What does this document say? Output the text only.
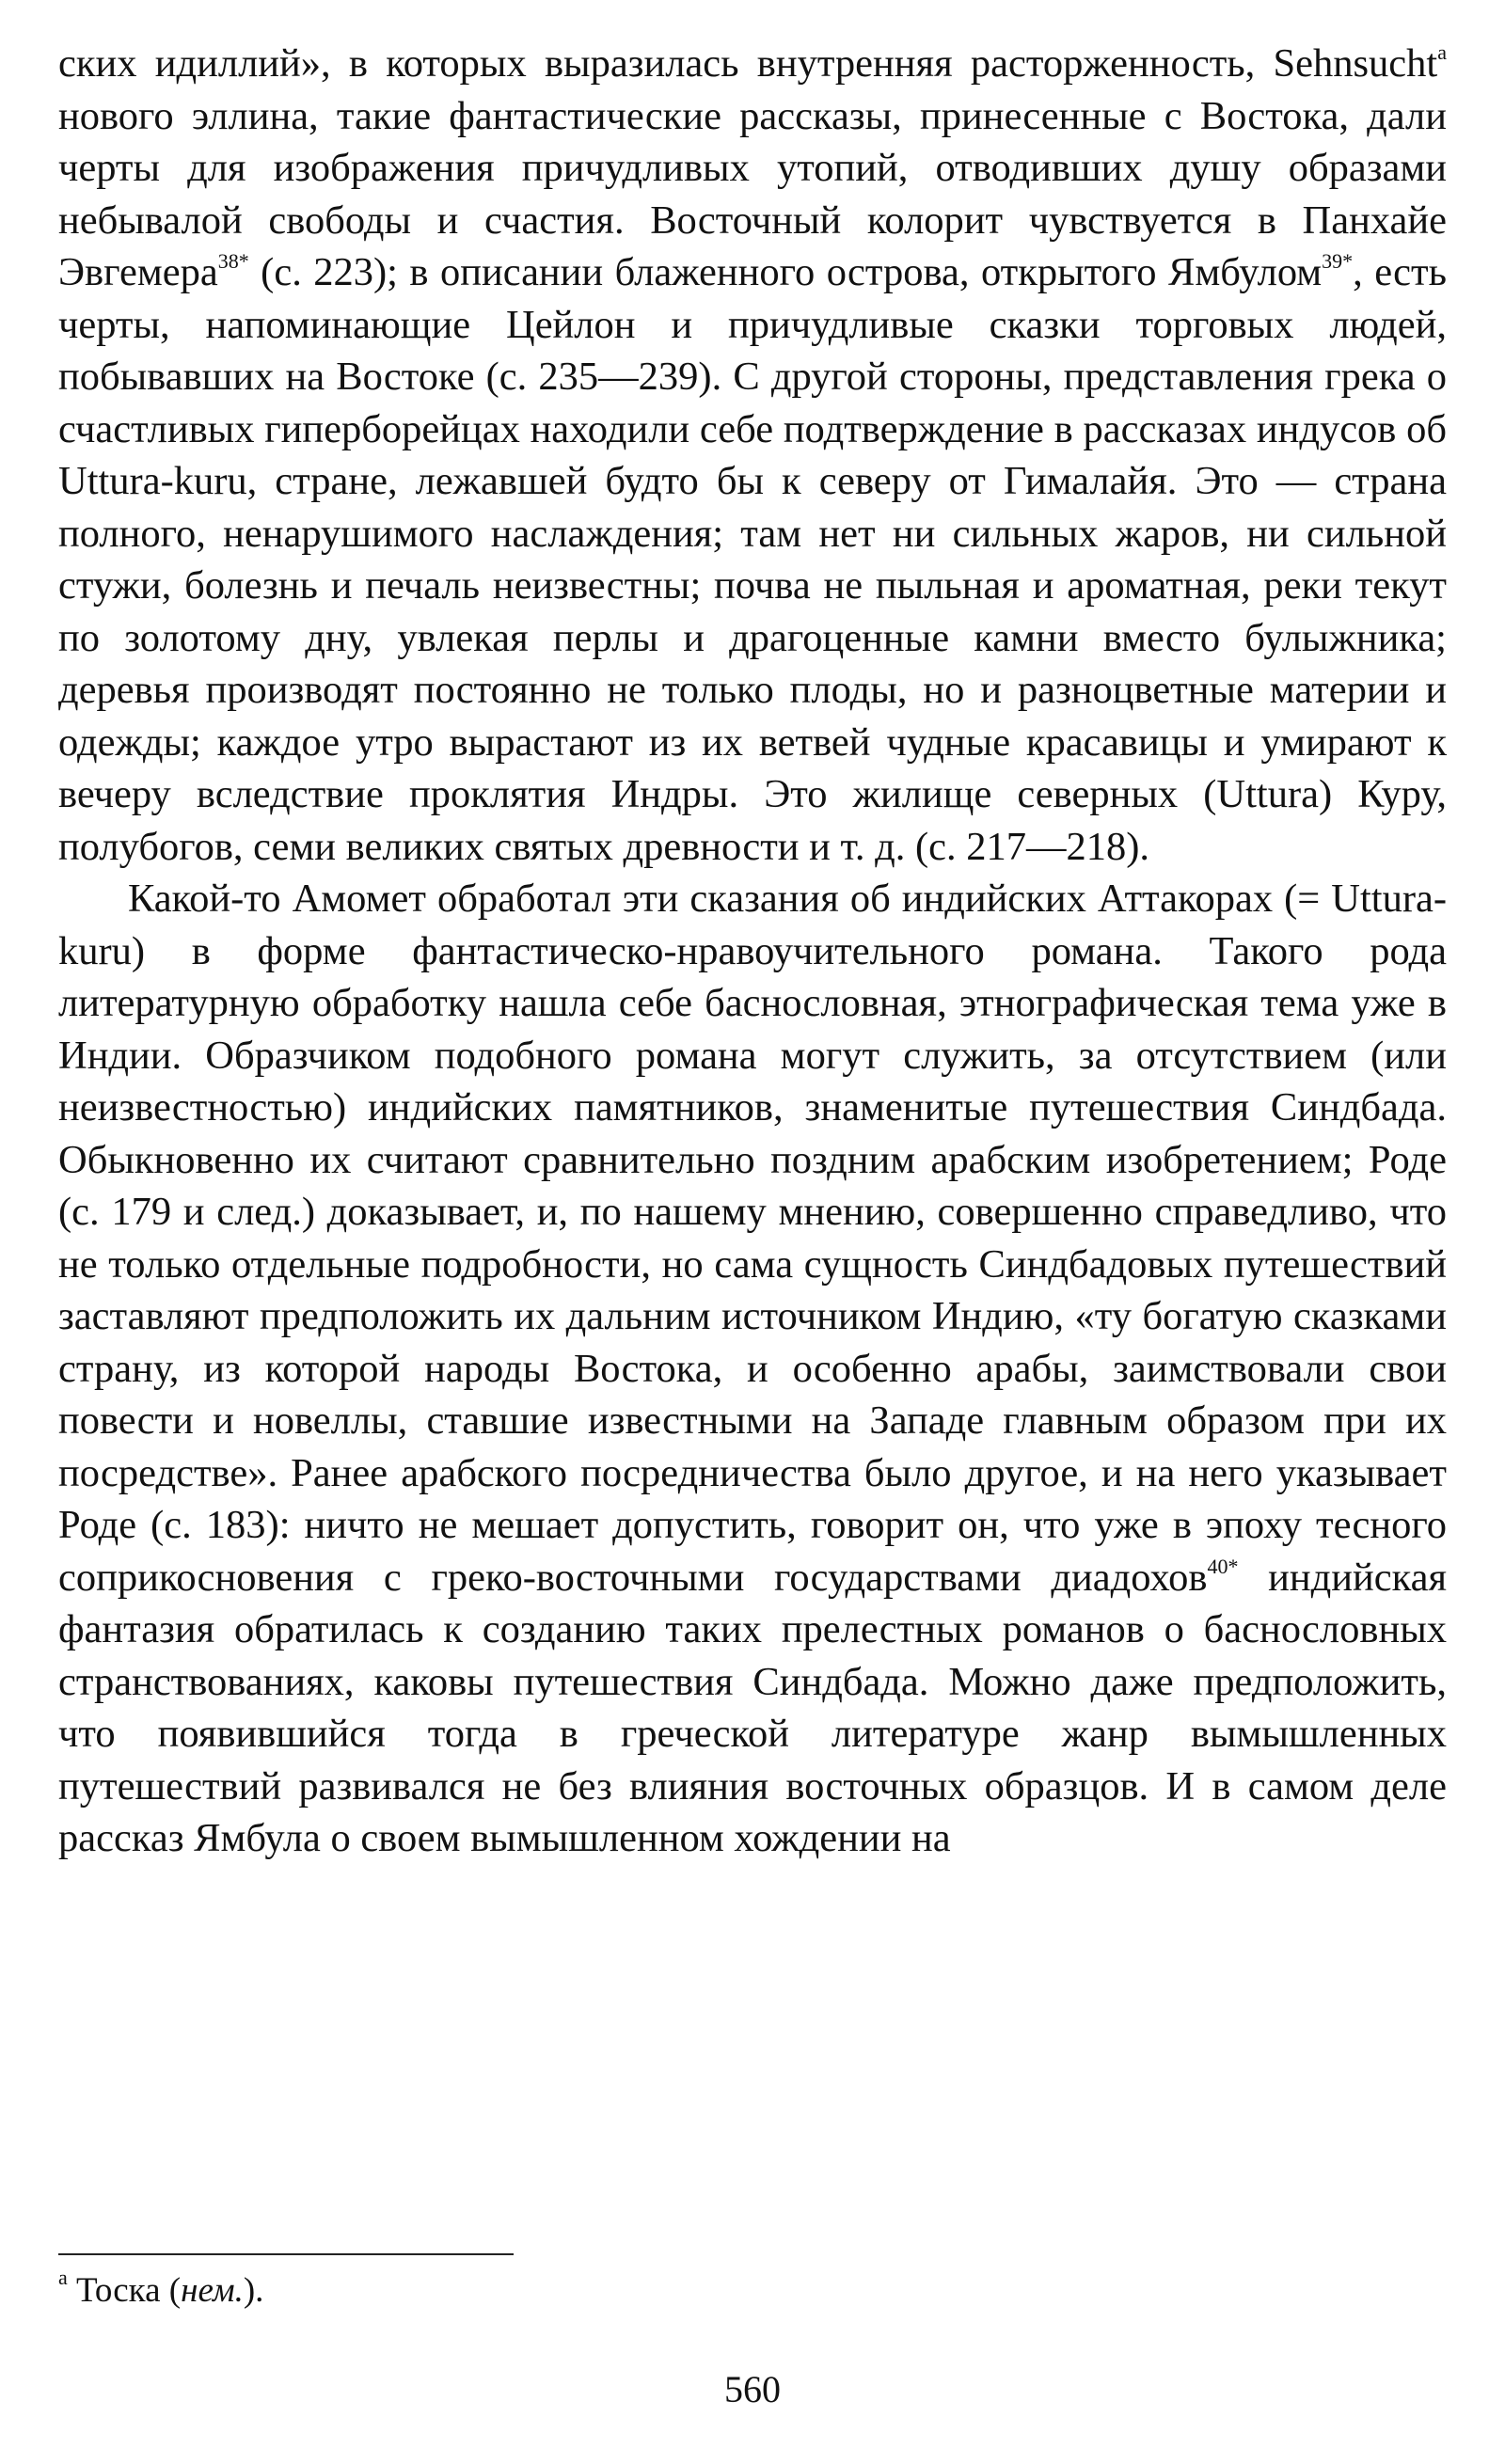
ских идиллий», в которых выразилась внутренняя расторженность, Sehnsucht$^а$ нового эллина, такие фантастические рассказы, принесенные с Востока, дали черты для изображения причудливых утопий, отводивших душу образами небывалой свободы и счастия. Восточный колорит чувствуется в Панхайе Эвгемера$^{38*}$ (с. 223); в описании блаженного острова, открытого Ямбулом$^{39*}$, есть черты, напоминающие Цейлон и причудливые сказки торговых людей, побывавших на Востоке (с. 235—239). С другой стороны, представления грека о счастливых гиперборейцах находили себе подтверждение в рассказах индусов об Uttura-kuru, стране, лежавшей будто бы к северу от Гималайя. Это — страна полного, ненарушимого наслаждения; там нет ни сильных жаров, ни сильной стужи, болезнь и печаль неизвестны; почва не пыльная и ароматная, реки текут по золотому дну, увлекая перлы и драгоценные камни вместо булыжника; деревья производят постоянно не только плоды, но и разноцветные материи и одежды; каждое утро вырастают из их ветвей чудные красавицы и умирают к вечеру вследствие проклятия Индры. Это жилище северных (Uttura) Куру, полубогов, семи великих святых древности и т. д. (с. 217—218).

Какой-то Амомет обработал эти сказания об индийских Аттакорах (= Uttura-kuru) в форме фантастическо-нравоучительного романа. Такого рода литературную обработку нашла себе баснословная, этнографическая тема уже в Индии. Образчиком подобного романа могут служить, за отсутствием (или неизвестностью) индийских памятников, знаменитые путешествия Синдбада. Обыкновенно их считают сравнительно поздним арабским изобретением; Роде (с. 179 и след.) доказывает, и, по нашему мнению, совершенно справедливо, что не только отдельные подробности, но сама сущность Синдбадовых путешествий заставляют предположить их дальним источником Индию, «ту богатую сказками страну, из которой народы Востока, и особенно арабы, заимствовали свои повести и новеллы, ставшие известными на Западе главным образом при их посредстве». Ранее арабского посредничества было другое, и на него указывает Роде (с. 183): ничто не мешает допустить, говорит он, что уже в эпоху тесного соприкосновения с греко-восточными государствами диадохов$^{40*}$ индийская фантазия обратилась к созданию таких прелестных романов о баснословных странствованиях, каковы путешествия Синдбада. Можно даже предположить, что появившийся тогда в греческой литературе жанр вымышленных путешествий развивался не без влияния восточных образцов. И в самом деле рассказ Ямбула о своем вымышленном хождении на

$^а$ Тоска (нем.).
560
